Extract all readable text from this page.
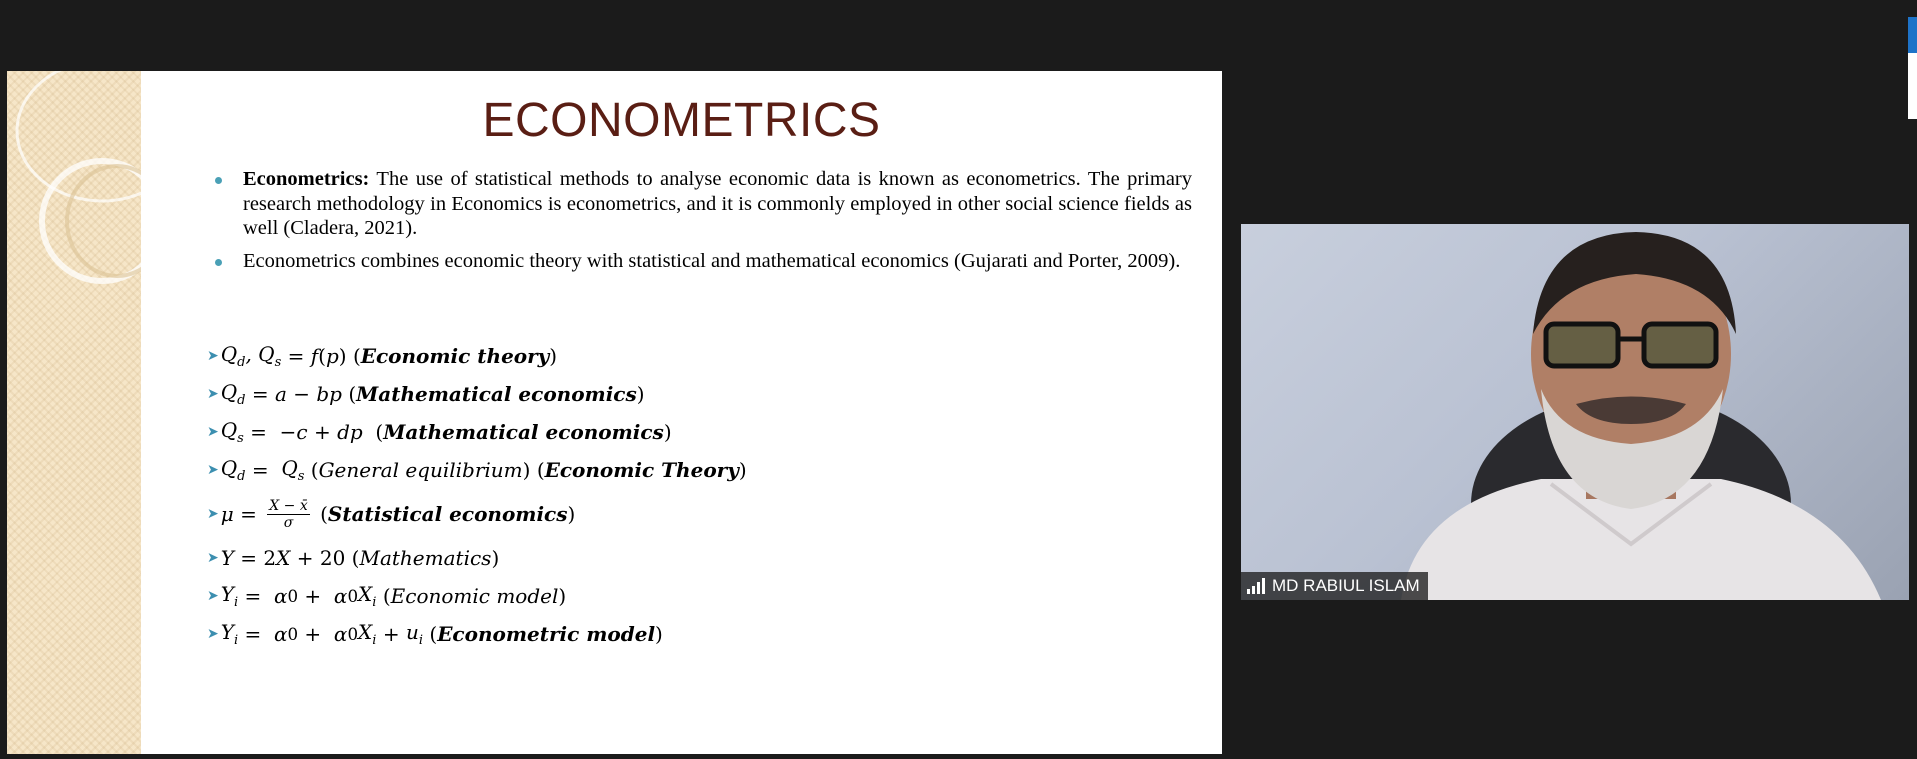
ECONOMETRICS
Econometrics: The use of statistical methods to analyse economic data is known as econometrics. The primary research methodology in Economics is econometrics, and it is commonly employed in other social science fields as well (Cladera, 2021).
Econometrics combines economic theory with statistical and mathematical economics (Gujarati and Porter, 2009).
➤ $Q_d$, $Q_s = f$ ( p ) ( Economic theory )
➤ $Q_d = a$ − bp ( Mathematical economics )
➤ $Q_s$ =  − c + dp ( Mathematical economics )
➤ $Q_d = Q_s$ ( General equilibrium ) ( Economic Theory )
➤ $\mu = \frac{X - x̄}{\sigma}$ ( Statistical economics )
➤ Y = 2 X + 20 ( Mathematics )
➤ $Y_i = \alpha$ 0 + α 0 $X_i$ ( Economic model )
➤ $Y_i = \alpha$ 0 + α 0 $X_i + u_i$ ( Econometric model )
MD RABIUL ISLAM
